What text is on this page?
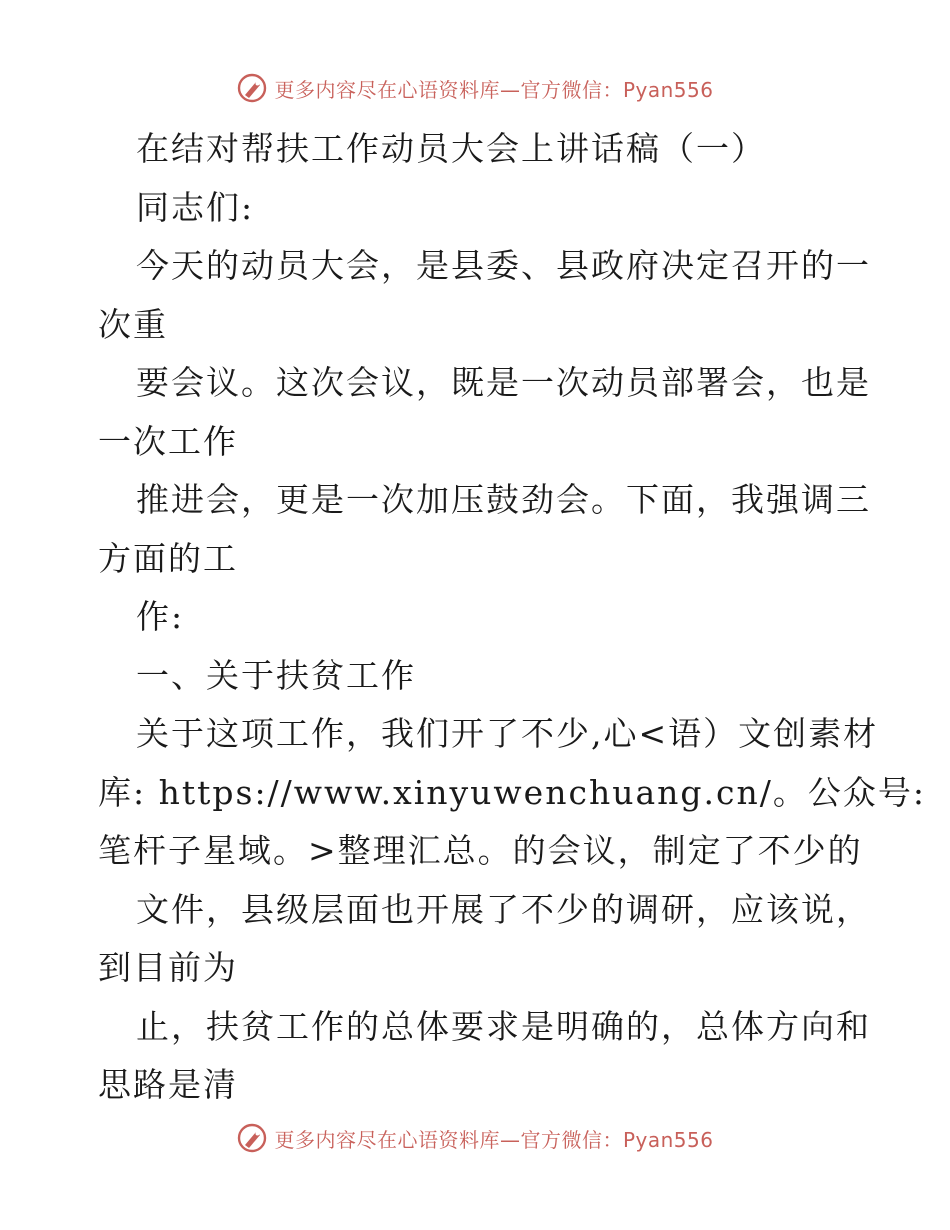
更多内容尽在心语资料库—官方微信：Pyan556
在结对帮扶工作动员大会上讲话稿（一）
同志们:
今天的动员大会，是县委、县政府决定召开的一
次重
要会议。这次会议，既是一次动员部署会，也是
一次工作
推进会，更是一次加压鼓劲会。下面，我强调三
方面的工
作:
一、关于扶贫工作
关于这项工作，我们开了不少,心<语）文创素材
库: https://www.xinyuwenchuang.cn/。公众号:
笔杆子星域。>整理汇总。的会议，制定了不少的
文件，县级层面也开展了不少的调研，应该说，
到目前为
止，扶贫工作的总体要求是明确的，总体方向和
思路是清
更多内容尽在心语资料库—官方微信：Pyan556
